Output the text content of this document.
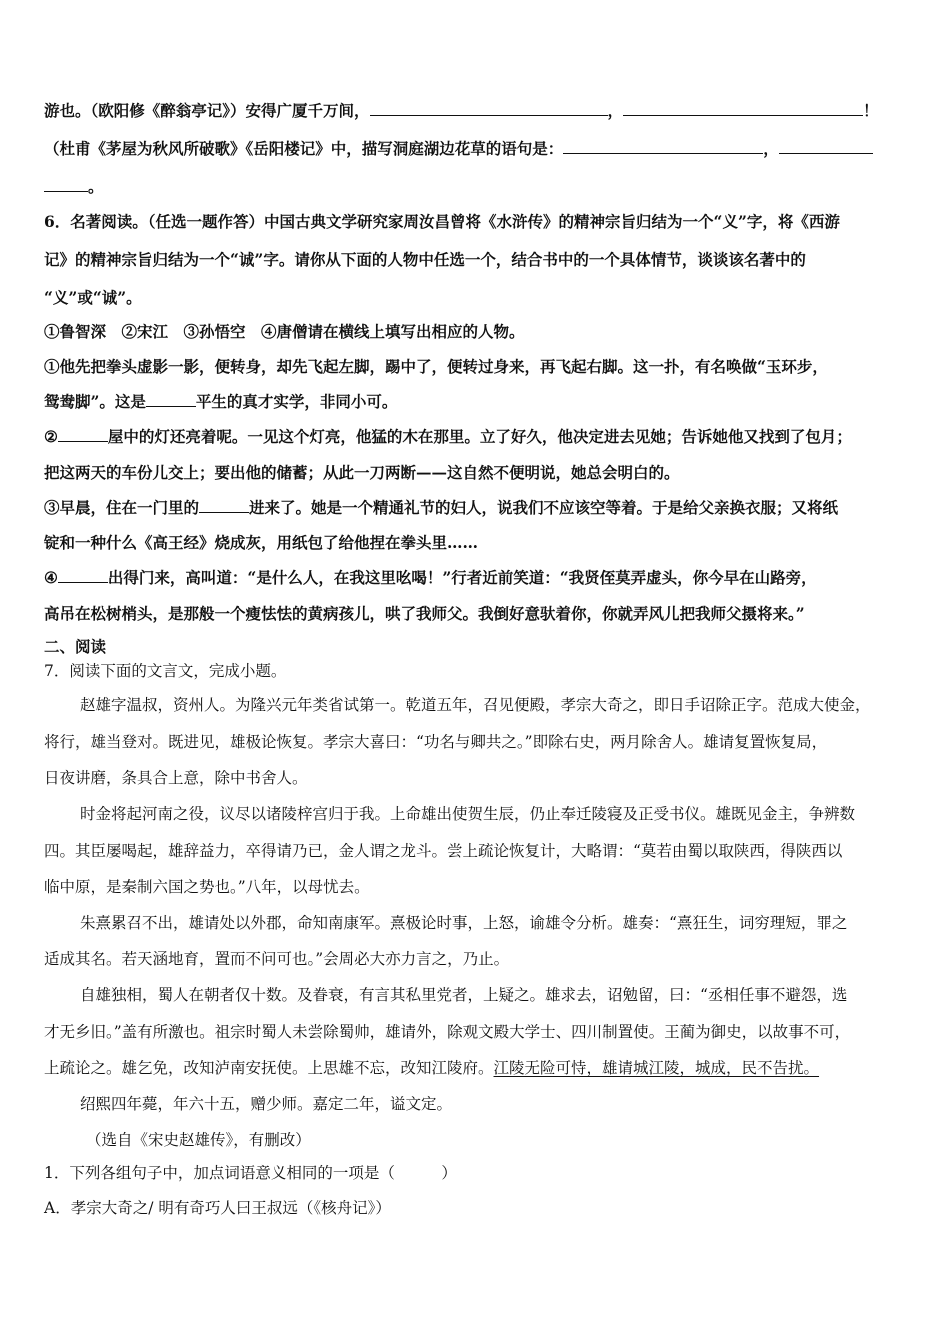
游也。（欧阳修《醉翁亭记》）安得广厦千万间，	，	！
（杜甫《茅屋为秋风所破歌》《岳阳楼记》中，描写洞庭湖边花草的语句是：	，
。
6．名著阅读。（任选一题作答）中国古典文学研究家周汝昌曾将《水浒传》的精神宗旨归结为一个“义”字，将《西游
记》的精神宗旨归结为一个“诚”字。请你从下面的人物中任选一个，结合书中的一个具体情节，谈谈该名著中的
“义”或“诚”。
①鲁智深　②宋江　③孙悟空　④唐僧请在横线上填写出相应的人物。
①他先把拳头虚影一影，便转身，却先飞起左脚，踢中了，便转过身来，再飞起右脚。这一扑，有名唤做“玉环步，
鸳鸯脚”。这是	平生的真才实学，非同小可。
②	屋中的灯还亮着呢。一见这个灯亮，他猛的木在那里。立了好久，他决定进去见她；告诉她他又找到了包月；
把这两天的车份儿交上；要出他的储蓄；从此一刀两断——这自然不便明说，她总会明白的。
③早晨，住在一门里的	进来了。她是一个精通礼节的妇人，说我们不应该空等着。于是给父亲换衣服；又将纸
锭和一种什么《高王经》烧成灰，用纸包了给他捏在拳头里……
④	出得门来，高叫道：“是什么人，在我这里吆喝！”行者近前笑道：“我贤侄莫弄虚头，你今早在山路旁，
高吊在松树梢头，是那般一个瘦怯怯的黄病孩儿，哄了我师父。我倒好意驮着你，你就弄风儿把我师父摄将来。”
二、阅读
7．阅读下面的文言文，完成小题。
赵雄字温叔，资州人。为隆兴元年类省试第一。乾道五年，召见便殿，孝宗大奇之，即日手诏除正字。范成大使金，
将行，雄当登对。既进见，雄极论恢复。孝宗大喜曰：“功名与卿共之。”即除右史，两月除舍人。雄请复置恢复局，
日夜讲磨，条具合上意，除中书舍人。
时金将起河南之役，议尽以诸陵梓宫归于我。上命雄出使贺生辰，仍止奉迁陵寝及正受书仪。雄既见金主，争辨数
四。其臣屡喝起，雄辞益力，卒得请乃已，金人谓之龙斗。尝上疏论恢复计，大略谓：“莫若由蜀以取陕西，得陕西以
临中原，是秦制六国之势也。”八年，以母忧去。
朱熹累召不出，雄请处以外郡，命知南康军。熹极论时事，上怒，谕雄令分析。雄奏：“熹狂生，词穷理短，罪之
适成其名。若天涵地育，置而不问可也。”会周必大亦力言之，乃止。
自雄独相，蜀人在朝者仅十数。及眷衰，有言其私里党者，上疑之。雄求去，诏勉留，曰：“丞相任事不避怨，选
才无乡旧。”盖有所激也。祖宗时蜀人未尝除蜀帅，雄请外，除观文殿大学士、四川制置使。王蔺为御史，以故事不可，
上疏论之。雄乞免，改知泸南安抚使。上思雄不忘，改知江陵府。江陵无险可恃，雄请城江陵，城成，民不告扰。
绍熙四年薨，年六十五，赠少师。嘉定二年，谥文定。
（选自《宋史赵雄传》，有删改）
1．下列各组句子中，加点词语意义相同的一项是（　　　）
A．孝宗大奇之/ 明有奇巧人曰王叔远（《核舟记》）
